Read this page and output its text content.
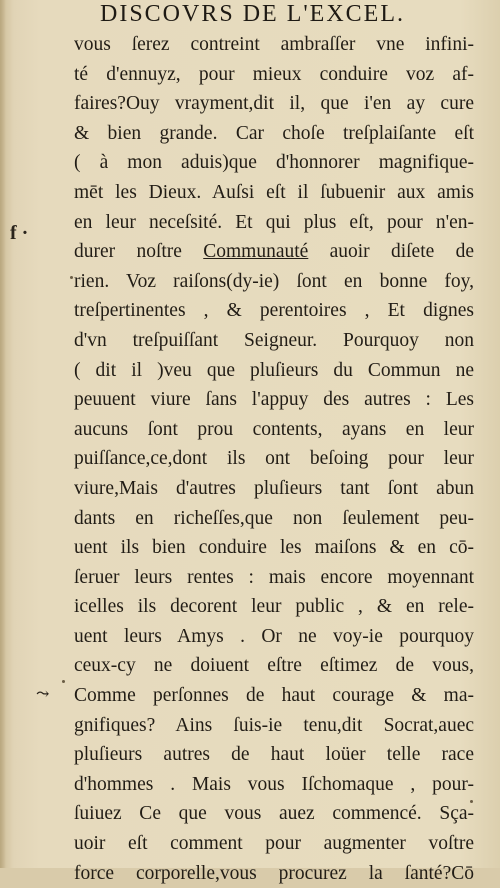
DISCOVRS DE L'EXCEL.
f ·
⤳
vous ſerez contreint ambraſſer vne infini-
té d'ennuyz, pour mieux conduire voz af-
faires?Ouy vrayment,dit il, que i'en ay cure
& bien grande. Car choſe treſplaiſante eſt
( à mon aduis)que d'honnorer magnifique-
mēt les Dieux. Auſsi eſt il ſubuenir aux amis
en leur neceſsité. Et qui plus eſt, pour n'en-
durer noſtre Communauté auoir diſete de
rien. Voz raiſons(dy-ie) ſont en bonne foy,
treſpertinentes , & perentoires , Et dignes
d'vn treſpuiſſant Seigneur. Pourquoy non
( dit il )veu que pluſieurs du Commun ne
peuuent viure ſans l'appuy des autres : Les
aucuns ſont prou contents, ayans en leur
puiſſance,ce,dont ils ont beſoing pour leur
viure,Mais d'autres pluſieurs tant ſont abun
dants en richeſſes,que non ſeulement peu-
uent ils bien conduire les maiſons & en cō-
ſeruer leurs rentes : mais encore moyennant
icelles ils decorent leur public , & en rele-
uent leurs Amys . Or ne voy-ie pourquoy
ceux-cy ne doiuent eſtre eſtimez de vous,
Comme perſonnes de haut courage & ma-
gnifiques? Ains ſuis-ie tenu,dit Socrat,auec
pluſieurs autres de haut loüer telle race
d'hommes . Mais vous Iſchomaque , pour-
ſuiuez Ce que vous auez commencé. Sça-
uoir eſt comment pour augmenter voſtre
force corporelle,vous procurez la ſanté?Cō
